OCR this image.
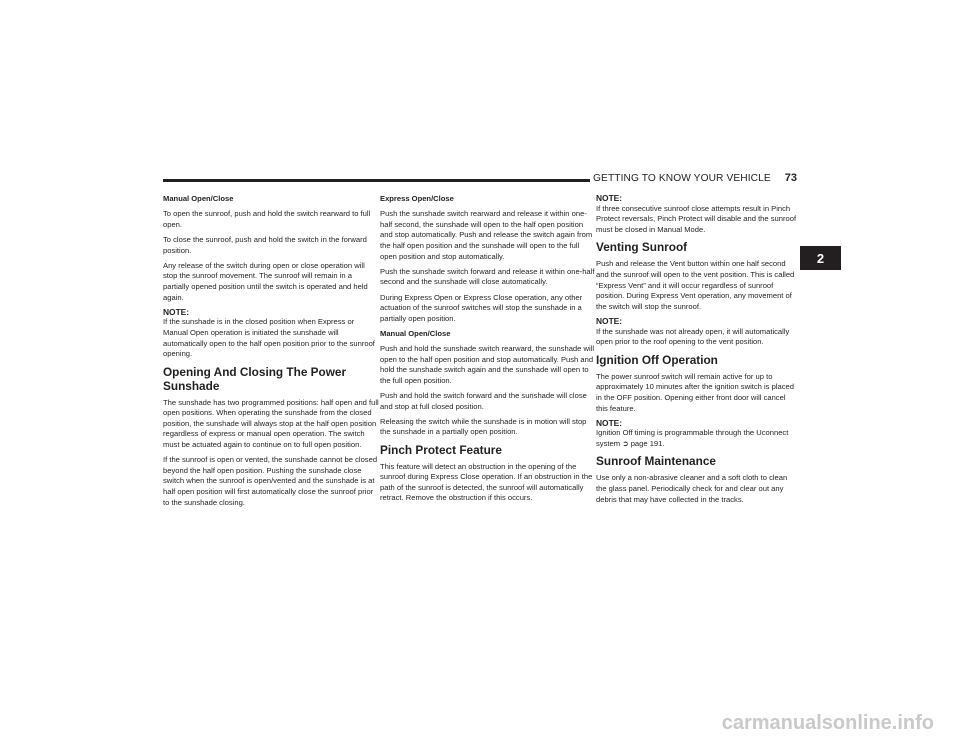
GETTING TO KNOW YOUR VEHICLE 73
2

Manual Open/Close

To open the sunroof, push and hold the switch rearward to full open.

To close the sunroof, push and hold the switch in the forward position.

Any release of the switch during open or close operation will stop the sunroof movement. The sunroof will remain in a partially opened position until the switch is operated and held again.

NOTE:

If the sunshade is in the closed position when Express or Manual Open operation is initiated the sunshade will automatically open to the half open position prior to the sunroof opening.

Opening And Closing The Power Sunshade

The sunshade has two programmed positions: half open and full open positions. When operating the sunshade from the closed position, the sunshade will always stop at the half open position regardless of express or manual open operation. The switch must be actuated again to continue on to full open position.

If the sunroof is open or vented, the sunshade cannot be closed beyond the half open position. Pushing the sunshade close switch when the sunroof is open/vented and the sunshade is at half open position will first automatically close the sunroof prior to the sunshade closing.

Express Open/Close

Push the sunshade switch rearward and release it within one-half second, the sunshade will open to the half open position and stop automatically. Push and release the switch again from the half open position and the sunshade will open to the full open position and stop automatically.

Push the sunshade switch forward and release it within one-half second and the sunshade will close automatically.

During Express Open or Express Close operation, any other actuation of the sunroof switches will stop the sunshade in a partially open position.

Manual Open/Close

Push and hold the sunshade switch rearward, the sunshade will open to the half open position and stop automatically. Push and hold the sunshade switch again and the sunshade will open to the full open position.

Push and hold the switch forward and the sunshade will close and stop at full closed position.

Releasing the switch while the sunshade is in motion will stop the sunshade in a partially open position.

Pinch Protect Feature

This feature will detect an obstruction in the opening of the sunroof during Express Close operation. If an obstruction in the path of the sunroof is detected, the sunroof will automatically retract. Remove the obstruction if this occurs.

NOTE:

If three consecutive sunroof close attempts result in Pinch Protect reversals, Pinch Protect will disable and the sunroof must be closed in Manual Mode.

Venting Sunroof

Push and release the Vent button within one half second and the sunroof will open to the vent position. This is called “Express Vent” and it will occur regardless of sunroof position. During Express Vent operation, any movement of the switch will stop the sunroof.

NOTE:

If the sunshade was not already open, it will automatically open prior to the roof opening to the vent position.

Ignition Off Operation

The power sunroof switch will remain active for up to approximately 10 minutes after the ignition switch is placed in the OFF position. Opening either front door will cancel this feature.

NOTE:

Ignition Off timing is programmable through the Uconnect system ➲ page 191.

Sunroof Maintenance

Use only a non-abrasive cleaner and a soft cloth to clean the glass panel. Periodically check for and clear out any debris that may have collected in the tracks.

carmanualsonline.info
